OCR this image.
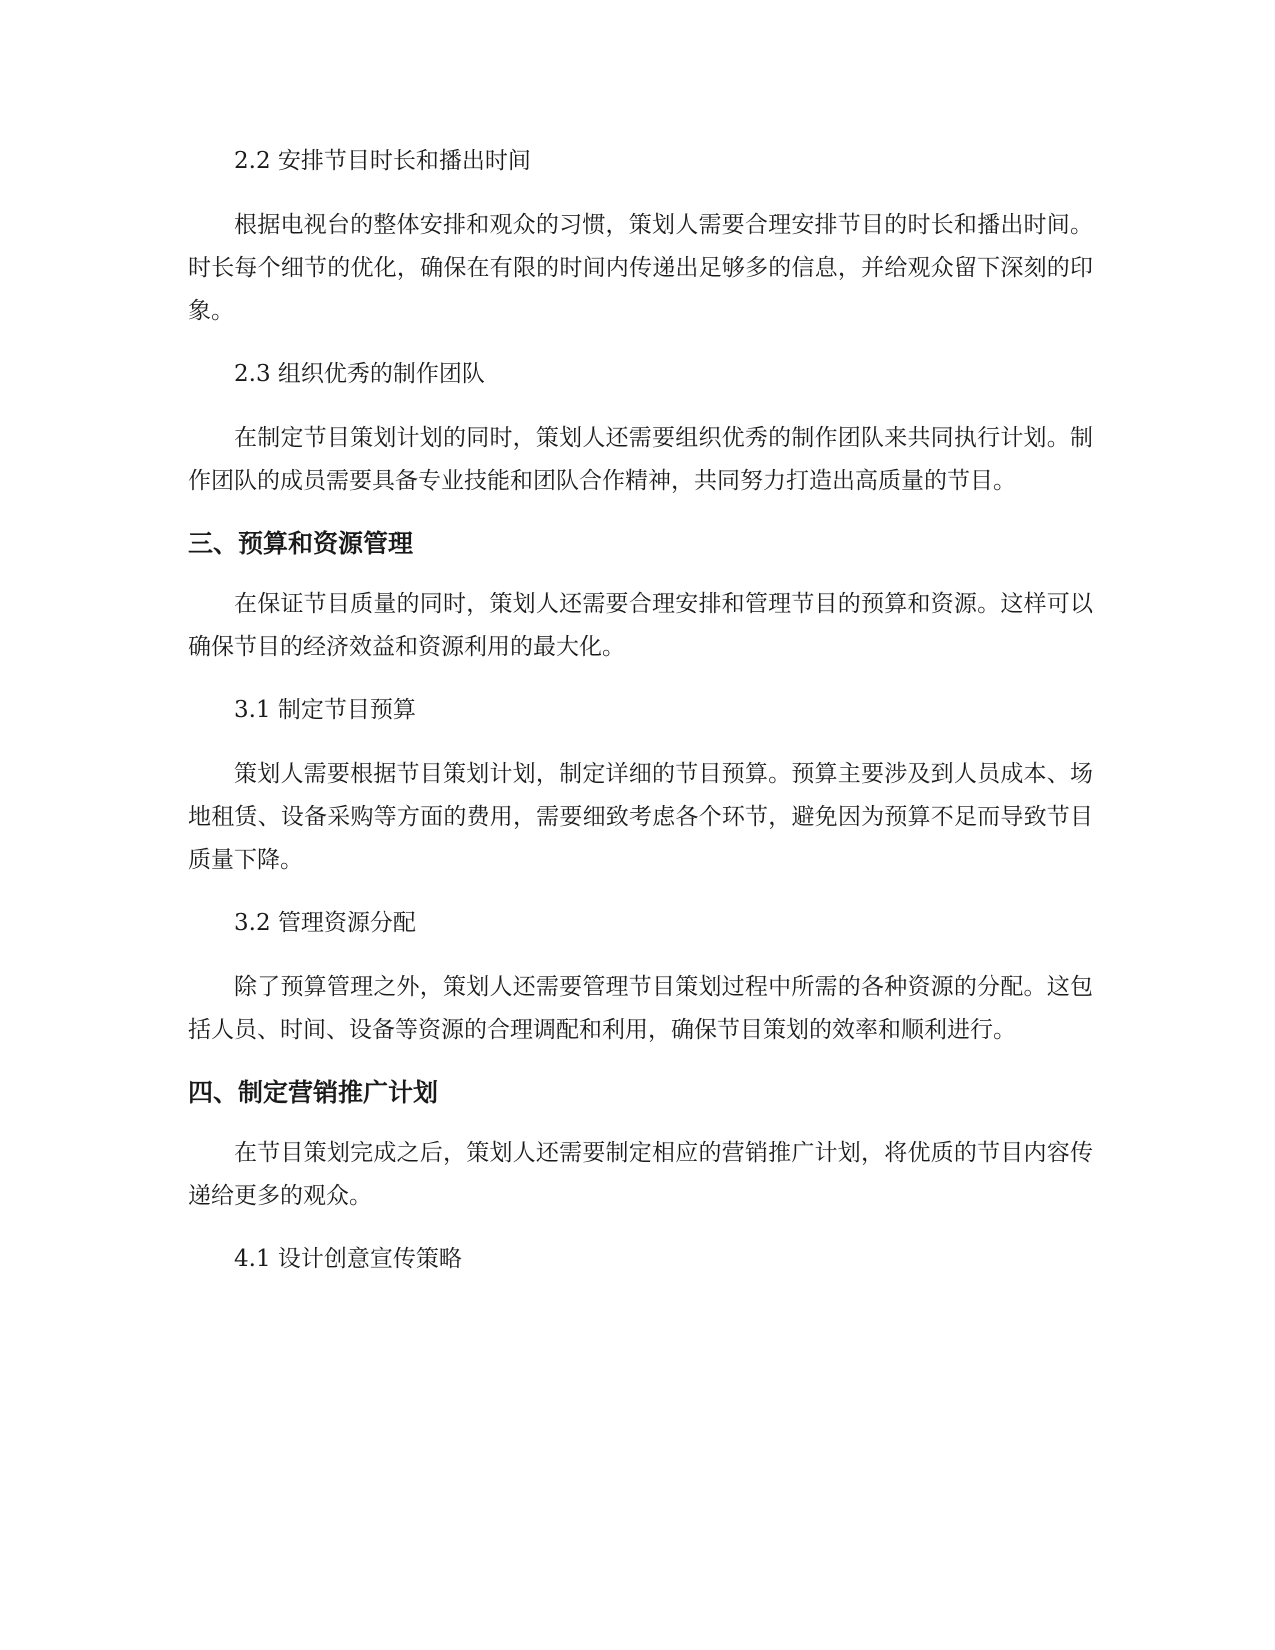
2.2 安排节目时长和播出时间

根据电视台的整体安排和观众的习惯，策划人需要合理安排节目的时长和播出时间。时长每个细节的优化，确保在有限的时间内传递出足够多的信息，并给观众留下深刻的印象。

2.3 组织优秀的制作团队

在制定节目策划计划的同时，策划人还需要组织优秀的制作团队来共同执行计划。制作团队的成员需要具备专业技能和团队合作精神，共同努力打造出高质量的节目。

三、预算和资源管理

在保证节目质量的同时，策划人还需要合理安排和管理节目的预算和资源。这样可以确保节目的经济效益和资源利用的最大化。

3.1 制定节目预算

策划人需要根据节目策划计划，制定详细的节目预算。预算主要涉及到人员成本、场地租赁、设备采购等方面的费用，需要细致考虑各个环节，避免因为预算不足而导致节目质量下降。

3.2 管理资源分配

除了预算管理之外，策划人还需要管理节目策划过程中所需的各种资源的分配。这包括人员、时间、设备等资源的合理调配和利用，确保节目策划的效率和顺利进行。

四、制定营销推广计划

在节目策划完成之后，策划人还需要制定相应的营销推广计划，将优质的节目内容传递给更多的观众。

4.1 设计创意宣传策略
